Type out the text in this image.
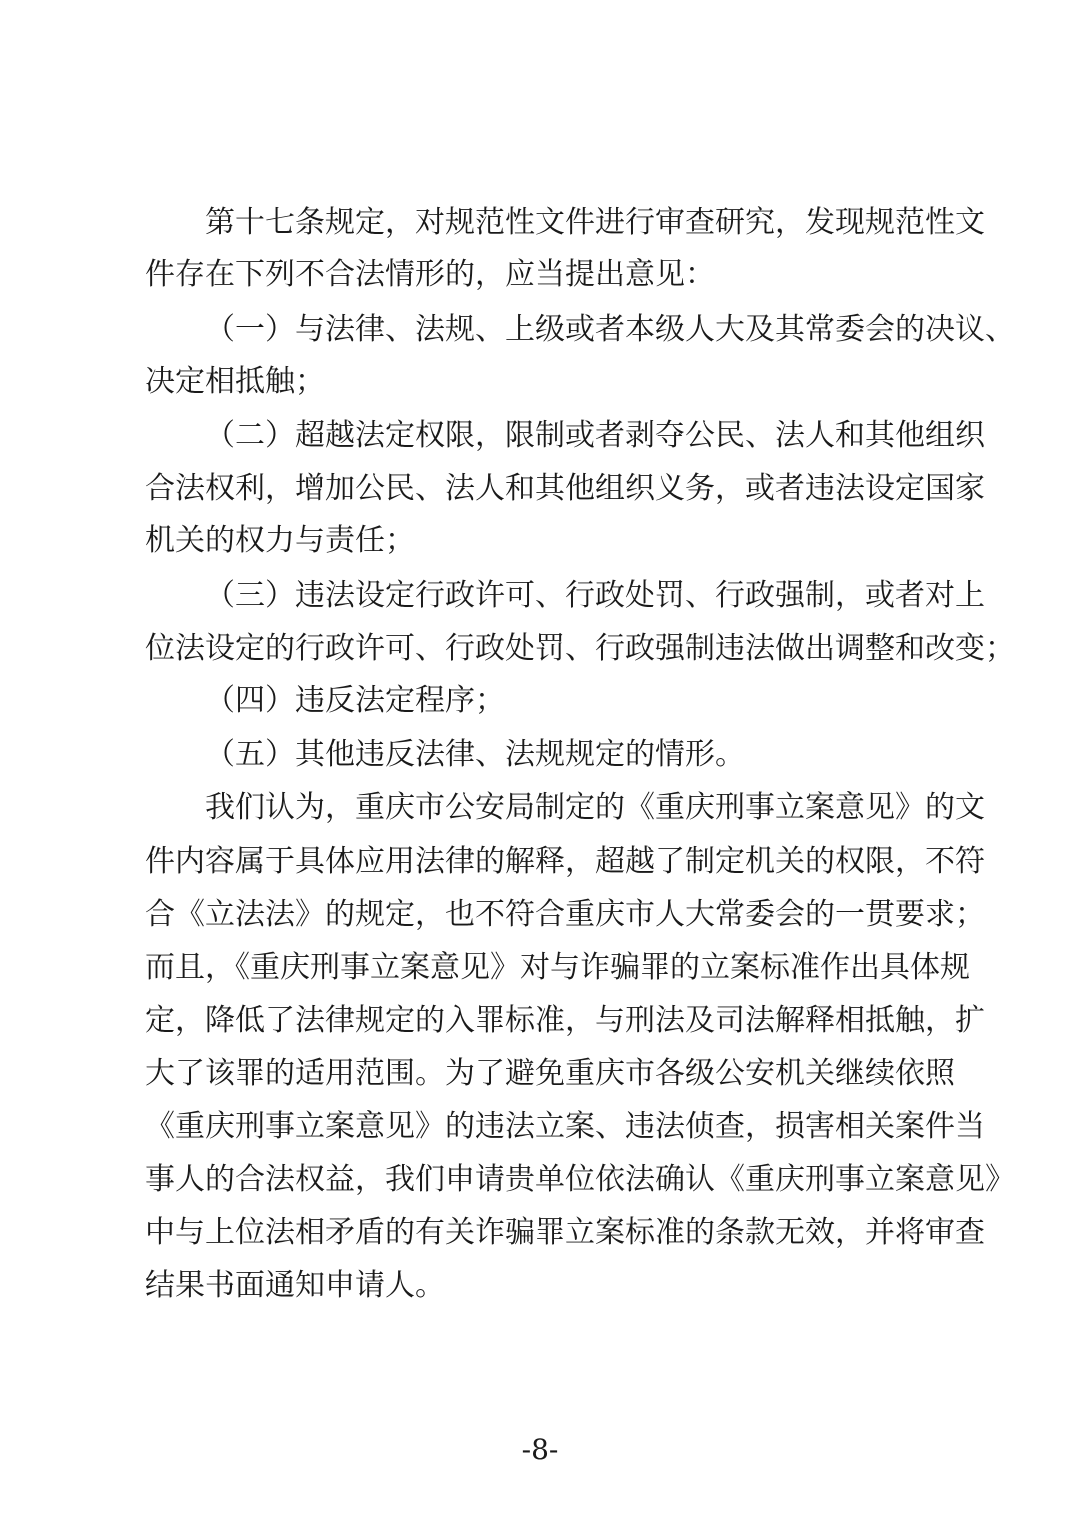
第十七条规定，对规范性文件进行审查研究，发现规范性文
件存在下列不合法情形的，应当提出意见：
（一）与法律、法规、上级或者本级人大及其常委会的决议、
决定相抵触；
（二）超越法定权限，限制或者剥夺公民、法人和其他组织
合法权利，增加公民、法人和其他组织义务，或者违法设定国家
机关的权力与责任；
（三）违法设定行政许可、行政处罚、行政强制，或者对上
位法设定的行政许可、行政处罚、行政强制违法做出调整和改变；
（四）违反法定程序；
（五）其他违反法律、法规规定的情形。
我们认为，重庆市公安局制定的《重庆刑事立案意见》的文
件内容属于具体应用法律的解释，超越了制定机关的权限，不符
合《立法法》的规定，也不符合重庆市人大常委会的一贯要求；
而且，《重庆刑事立案意见》对与诈骗罪的立案标准作出具体规
定，降低了法律规定的入罪标准，与刑法及司法解释相抵触，扩
大了该罪的适用范围。为了避免重庆市各级公安机关继续依照
《重庆刑事立案意见》的违法立案、违法侦查，损害相关案件当
事人的合法权益，我们申请贵单位依法确认《重庆刑事立案意见》
中与上位法相矛盾的有关诈骗罪立案标准的条款无效，并将审查
结果书面通知申请人。
-8-
